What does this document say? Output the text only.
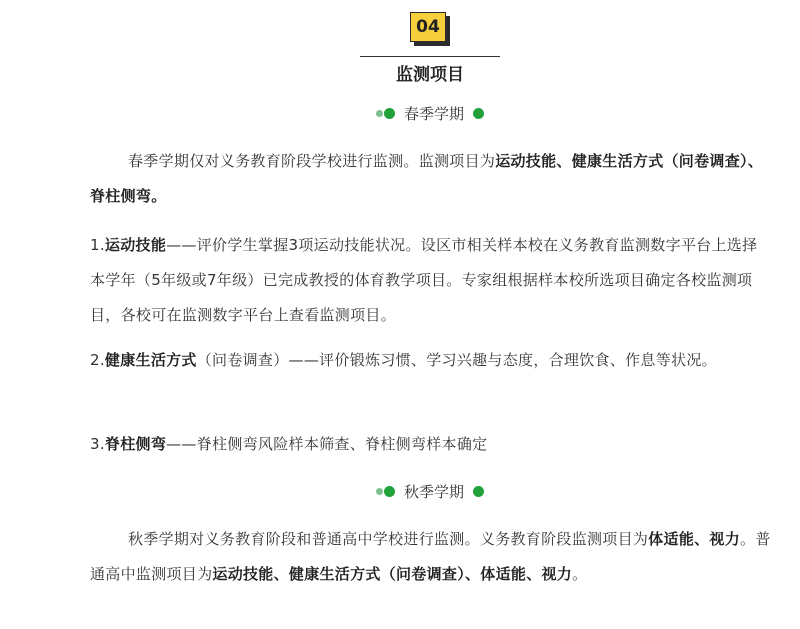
04
监测项目
春季学期
春季学期仅对义务教育阶段学校进行监测。监测项目为运动技能、健康生活方式（问卷调查）、脊柱侧弯。
1.运动技能——评价学生掌握3项运动技能状况。设区市相关样本校在义务教育监测数字平台上选择本学年（5年级或7年级）已完成教授的体育教学项目。专家组根据样本校所选项目确定各校监测项目，各校可在监测数字平台上查看监测项目。
2.健康生活方式（问卷调查）——评价锻炼习惯、学习兴趣与态度，合理饮食、作息等状况。
3.脊柱侧弯——脊柱侧弯风险样本筛查、脊柱侧弯样本确定
秋季学期
秋季学期对义务教育阶段和普通高中学校进行监测。义务教育阶段监测项目为体适能、视力。普通高中监测项目为运动技能、健康生活方式（问卷调查）、体适能、视力。
